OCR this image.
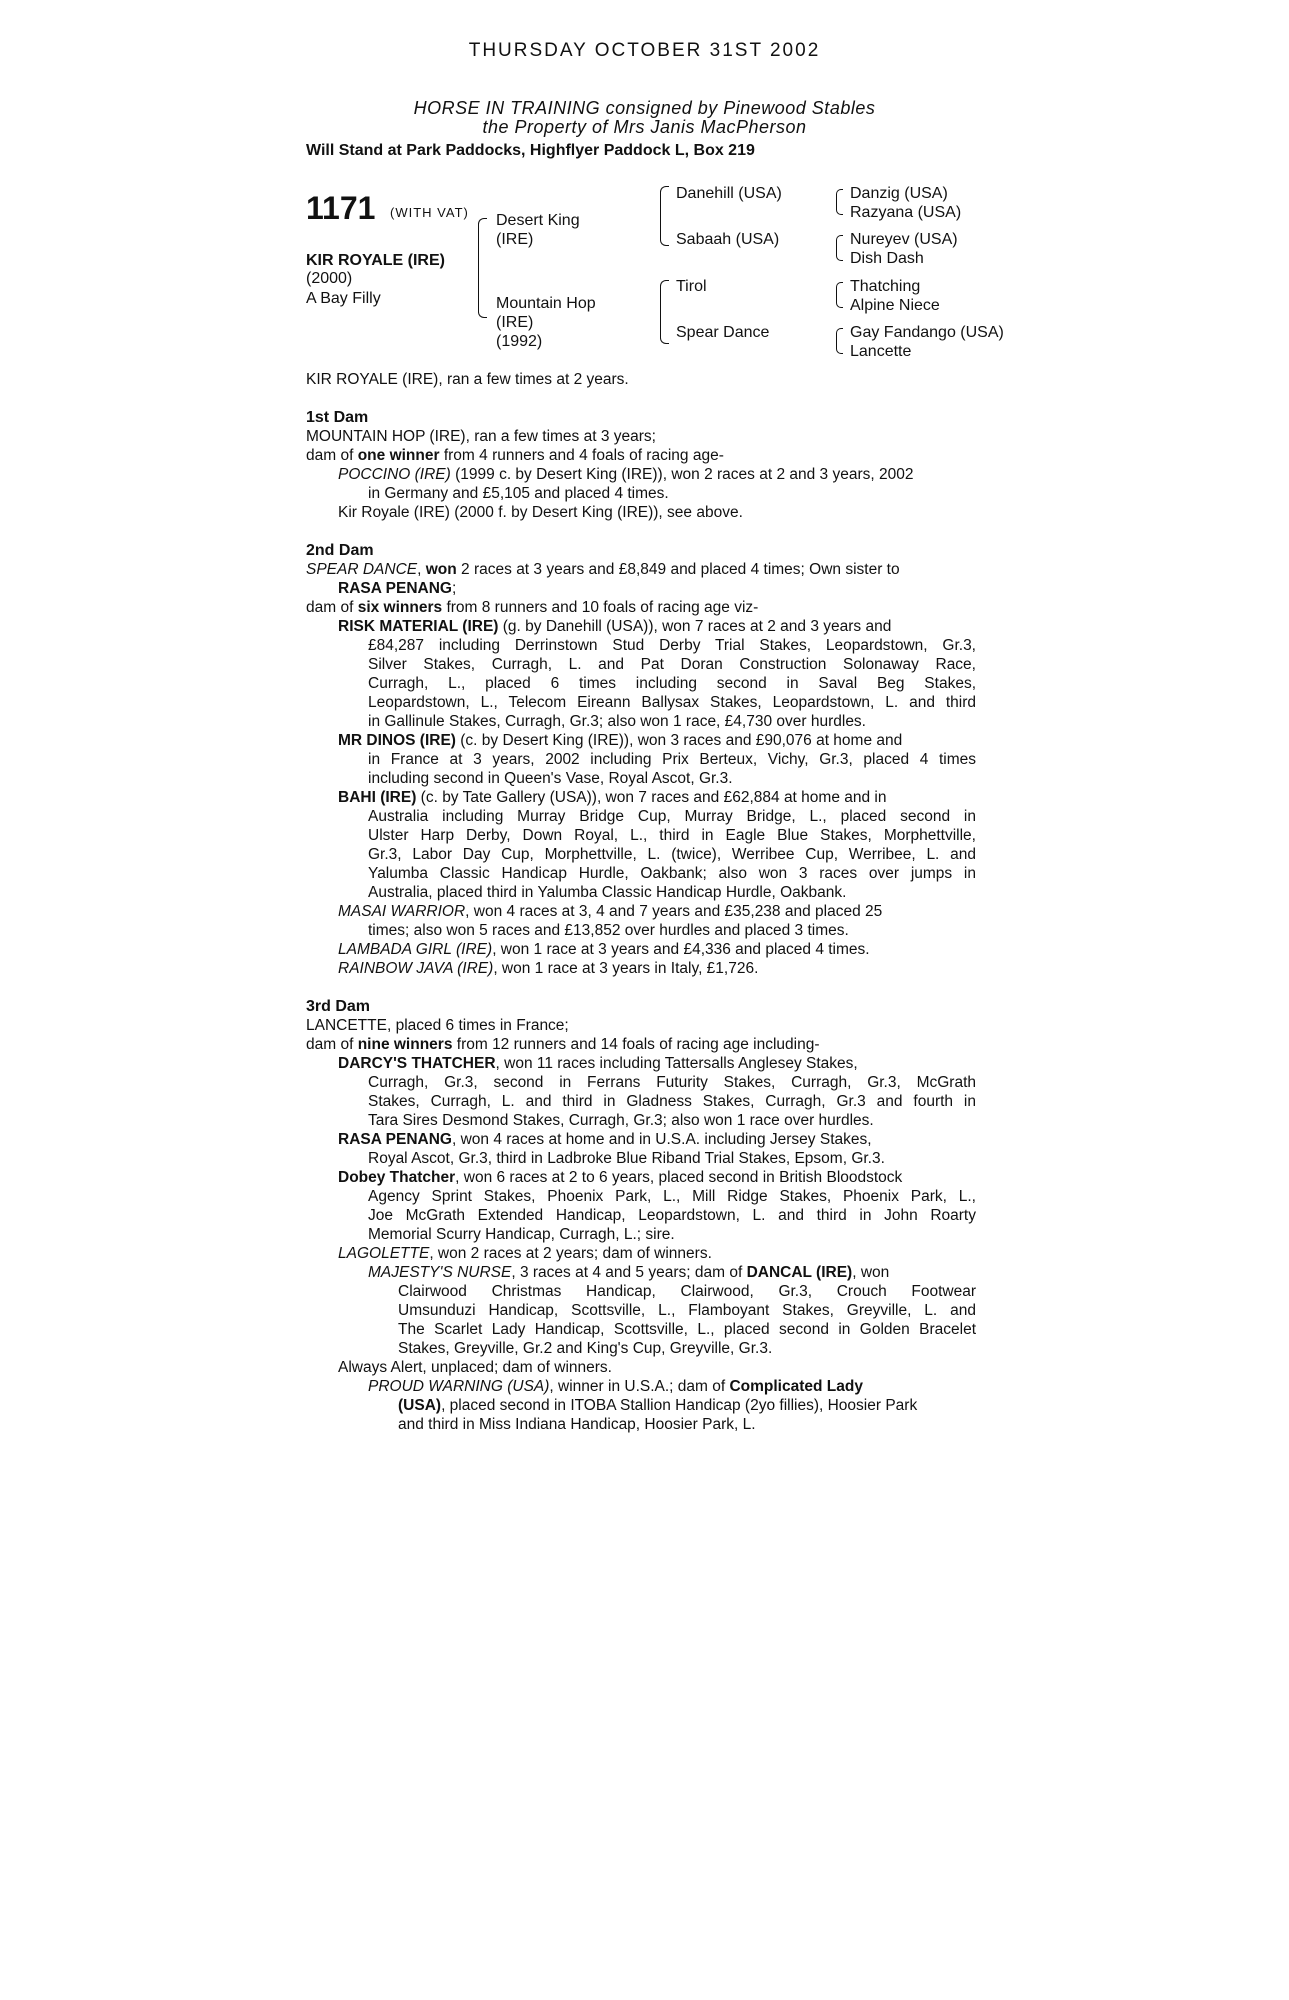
THURSDAY OCTOBER 31ST 2002
HORSE IN TRAINING consigned by Pinewood Stables
the Property of Mrs Janis MacPherson
Will Stand at Park Paddocks, Highflyer Paddock L, Box 219
1171 (WITH VAT)
KIR ROYALE (IRE)
(2000)
A Bay Filly
Desert King
(IRE)
Mountain Hop
(IRE)
(1992)
Danehill (USA)
Sabaah (USA)
Tirol
Spear Dance
Danzig (USA)
Razyana (USA)
Nureyev (USA)
Dish Dash
Thatching
Alpine Niece
Gay Fandango (USA)
Lancette
KIR ROYALE (IRE), ran a few times at 2 years.
1st Dam
MOUNTAIN HOP (IRE), ran a few times at 3 years;
dam of one winner from 4 runners and 4 foals of racing age-
POCCINO (IRE) (1999 c. by Desert King (IRE)), won 2 races at 2 and 3 years, 2002
in Germany and £5,105 and placed 4 times.
Kir Royale (IRE) (2000 f. by Desert King (IRE)), see above.
2nd Dam
SPEAR DANCE, won 2 races at 3 years and £8,849 and placed 4 times; Own sister to
RASA PENANG;
dam of six winners from 8 runners and 10 foals of racing age viz-
RISK MATERIAL (IRE) (g. by Danehill (USA)), won 7 races at 2 and 3 years and
£84,287 including Derrinstown Stud Derby Trial Stakes, Leopardstown, Gr.3,
Silver Stakes, Curragh, L. and Pat Doran Construction Solonaway Race,
Curragh, L., placed 6 times including second in Saval Beg Stakes,
Leopardstown, L., Telecom Eireann Ballysax Stakes, Leopardstown, L. and third
in Gallinule Stakes, Curragh, Gr.3; also won 1 race, £4,730 over hurdles.
MR DINOS (IRE) (c. by Desert King (IRE)), won 3 races and £90,076 at home and
in France at 3 years, 2002 including Prix Berteux, Vichy, Gr.3, placed 4 times
including second in Queen's Vase, Royal Ascot, Gr.3.
BAHI (IRE) (c. by Tate Gallery (USA)), won 7 races and £62,884 at home and in
Australia including Murray Bridge Cup, Murray Bridge, L., placed second in
Ulster Harp Derby, Down Royal, L., third in Eagle Blue Stakes, Morphettville,
Gr.3, Labor Day Cup, Morphettville, L. (twice), Werribee Cup, Werribee, L. and
Yalumba Classic Handicap Hurdle, Oakbank; also won 3 races over jumps in
Australia, placed third in Yalumba Classic Handicap Hurdle, Oakbank.
MASAI WARRIOR, won 4 races at 3, 4 and 7 years and £35,238 and placed 25
times; also won 5 races and £13,852 over hurdles and placed 3 times.
LAMBADA GIRL (IRE), won 1 race at 3 years and £4,336 and placed 4 times.
RAINBOW JAVA (IRE), won 1 race at 3 years in Italy, £1,726.
3rd Dam
LANCETTE, placed 6 times in France;
dam of nine winners from 12 runners and 14 foals of racing age including-
DARCY'S THATCHER, won 11 races including Tattersalls Anglesey Stakes,
Curragh, Gr.3, second in Ferrans Futurity Stakes, Curragh, Gr.3, McGrath
Stakes, Curragh, L. and third in Gladness Stakes, Curragh, Gr.3 and fourth in
Tara Sires Desmond Stakes, Curragh, Gr.3; also won 1 race over hurdles.
RASA PENANG, won 4 races at home and in U.S.A. including Jersey Stakes,
Royal Ascot, Gr.3, third in Ladbroke Blue Riband Trial Stakes, Epsom, Gr.3.
Dobey Thatcher, won 6 races at 2 to 6 years, placed second in British Bloodstock
Agency Sprint Stakes, Phoenix Park, L., Mill Ridge Stakes, Phoenix Park, L.,
Joe McGrath Extended Handicap, Leopardstown, L. and third in John Roarty
Memorial Scurry Handicap, Curragh, L.; sire.
LAGOLETTE, won 2 races at 2 years; dam of winners.
MAJESTY'S NURSE, 3 races at 4 and 5 years; dam of DANCAL (IRE), won
Clairwood Christmas Handicap, Clairwood, Gr.3, Crouch Footwear
Umsunduzi Handicap, Scottsville, L., Flamboyant Stakes, Greyville, L. and
The Scarlet Lady Handicap, Scottsville, L., placed second in Golden Bracelet
Stakes, Greyville, Gr.2 and King's Cup, Greyville, Gr.3.
Always Alert, unplaced; dam of winners.
PROUD WARNING (USA), winner in U.S.A.; dam of Complicated Lady
(USA), placed second in ITOBA Stallion Handicap (2yo fillies), Hoosier Park
and third in Miss Indiana Handicap, Hoosier Park, L.
